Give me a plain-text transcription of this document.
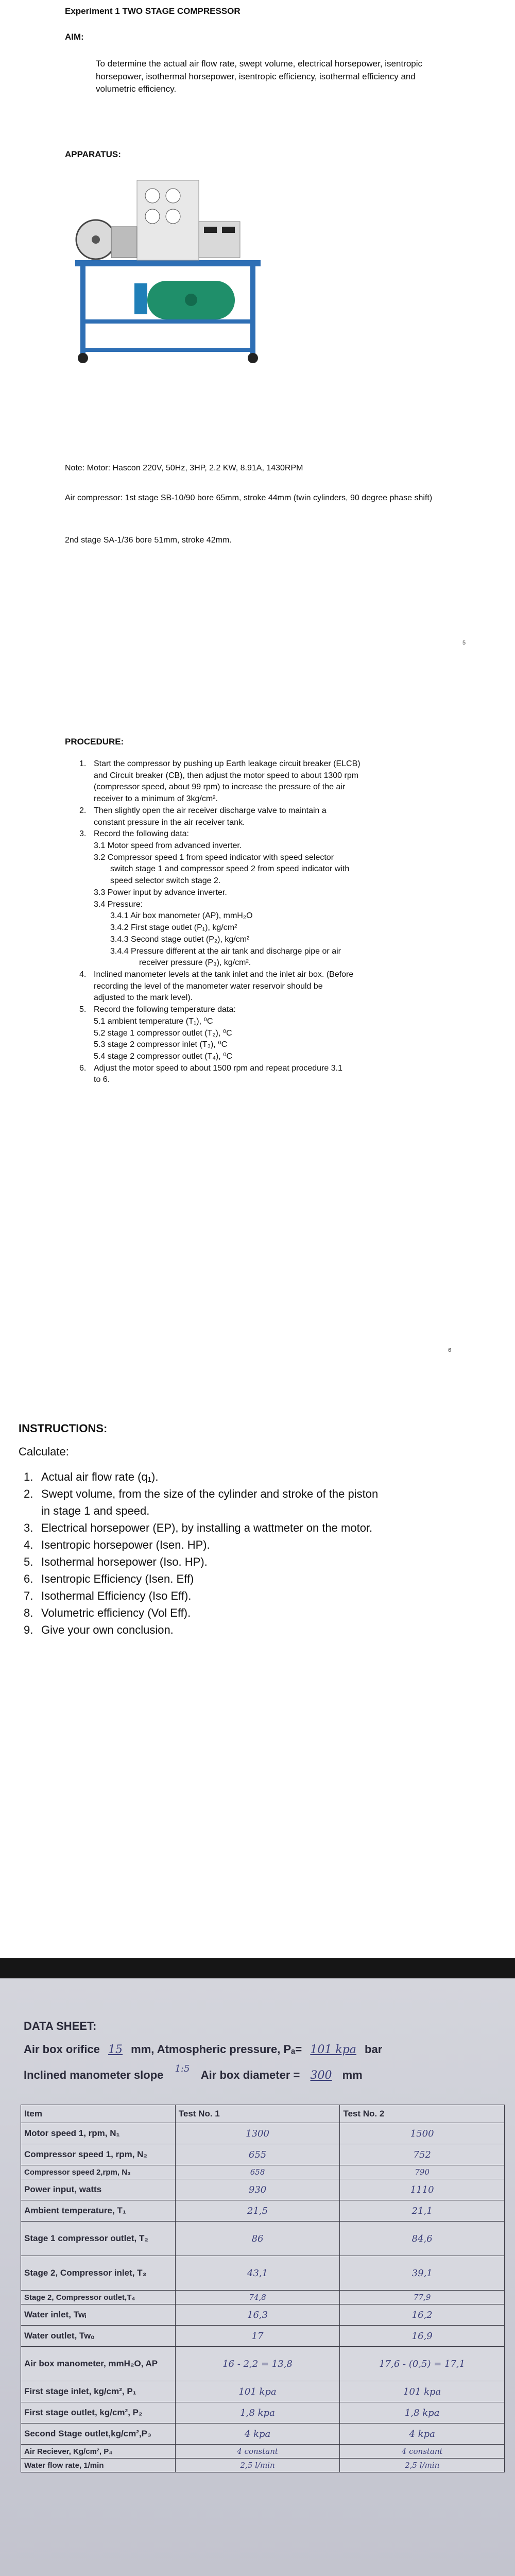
Experiment 1 TWO STAGE COMPRESSOR
AIM:
To determine the actual air flow rate, swept volume, electrical horsepower, isentropic horsepower, isothermal horsepower, isentropic efficiency, isothermal efficiency and volumetric efficiency.
APPARATUS:
Note: Motor: Hascon 220V, 50Hz, 3HP, 2.2 KW, 8.91A, 1430RPM
Air compressor: 1st stage SB-10/90 bore 65mm, stroke 44mm (twin cylinders, 90 degree phase shift)
2nd stage SA-1/36 bore 51mm, stroke 42mm.
5
PROCEDURE:
1. Start the compressor by pushing up Earth leakage circuit breaker (ELCB)
and Circuit breaker (CB), then adjust the motor speed to about 1300 rpm
(compressor speed, about 99 rpm) to increase the pressure of the air
receiver to a minimum of 3kg/cm².
2. Then slightly open the air receiver discharge valve to maintain a
constant pressure in the air receiver tank.
3. Record the following data:
3.1 Motor speed from advanced inverter.
3.2 Compressor speed 1 from speed indicator with speed selector
switch stage 1 and compressor speed 2 from speed indicator with
speed selector switch stage 2.
3.3 Power input by advance inverter.
3.4 Pressure:
3.4.1 Air box manometer (AP), mmH₂O
3.4.2 First stage outlet (P₁), kg/cm²
3.4.3 Second stage outlet (P₂), kg/cm²
3.4.4 Pressure different at the air tank and discharge pipe or air
receiver pressure (P₃), kg/cm².
4. Inclined manometer levels at the tank inlet and the inlet air box. (Before
recording the level of the manometer water reservoir should be
adjusted to the mark level).
5. Record the following temperature data:
5.1 ambient temperature (T₁), ⁰C
5.2 stage 1 compressor outlet (T₂), ⁰C
5.3 stage 2 compressor inlet (T₃), ⁰C
5.4 stage 2 compressor outlet (T₄), ⁰C
6. Adjust the motor speed to about 1500 rpm and repeat procedure 3.1
to 6.
6
INSTRUCTIONS:
Calculate:
1. Actual air flow rate (q₁).
2. Swept volume, from the size of the cylinder and stroke of the piston
in stage 1 and speed.
3. Electrical horsepower (EP), by installing a wattmeter on the motor.
4. Isentropic horsepower (Isen. HP).
5. Isothermal horsepower (Iso. HP).
6. Isentropic Efficiency (Isen. Eff)
7. Isothermal Efficiency (Iso Eff).
8. Volumetric efficiency (Vol Eff).
9. Give your own conclusion.
DATA SHEET:
Air box orifice 15 mm, Atmospheric pressure, Pₐ= 101 kpa bar
Inclined manometer slope $^{1:5}$ Air box diameter = 300 mm
Item	Test No. 1	Test No. 2
Motor speed 1, rpm, N₁	1300	1500
Compressor speed 1, rpm, N₂	655	752
Compressor speed 2,rpm, N₃	658	790
Power input, watts	930	1110
Ambient temperature, T₁	21,5	21,1
Stage 1 compressor outlet, T₂	86	84,6
Stage 2, Compressor inlet, T₃	43,1	39,1
Stage 2, Compressor outlet,T₄	74,8	77,9
Water inlet, Twᵢ	16,3	16,2
Water outlet, Twₒ	17	16,9
Air box manometer, mmH₂O, AP	16 - 2,2 = 13,8	17,6 - (0,5) = 17,1
First stage inlet, kg/cm², P₁	101 kpa	101 kpa
First stage outlet, kg/cm², P₂	1,8 kpa	1,8 kpa
Second Stage outlet,kg/cm²,P₃	4 kpa	4 kpa
Air Reciever, Kg/cm², P₄	4 constant	4 constant
Water flow rate, 1/min	2,5 l/min	2,5 l/min
